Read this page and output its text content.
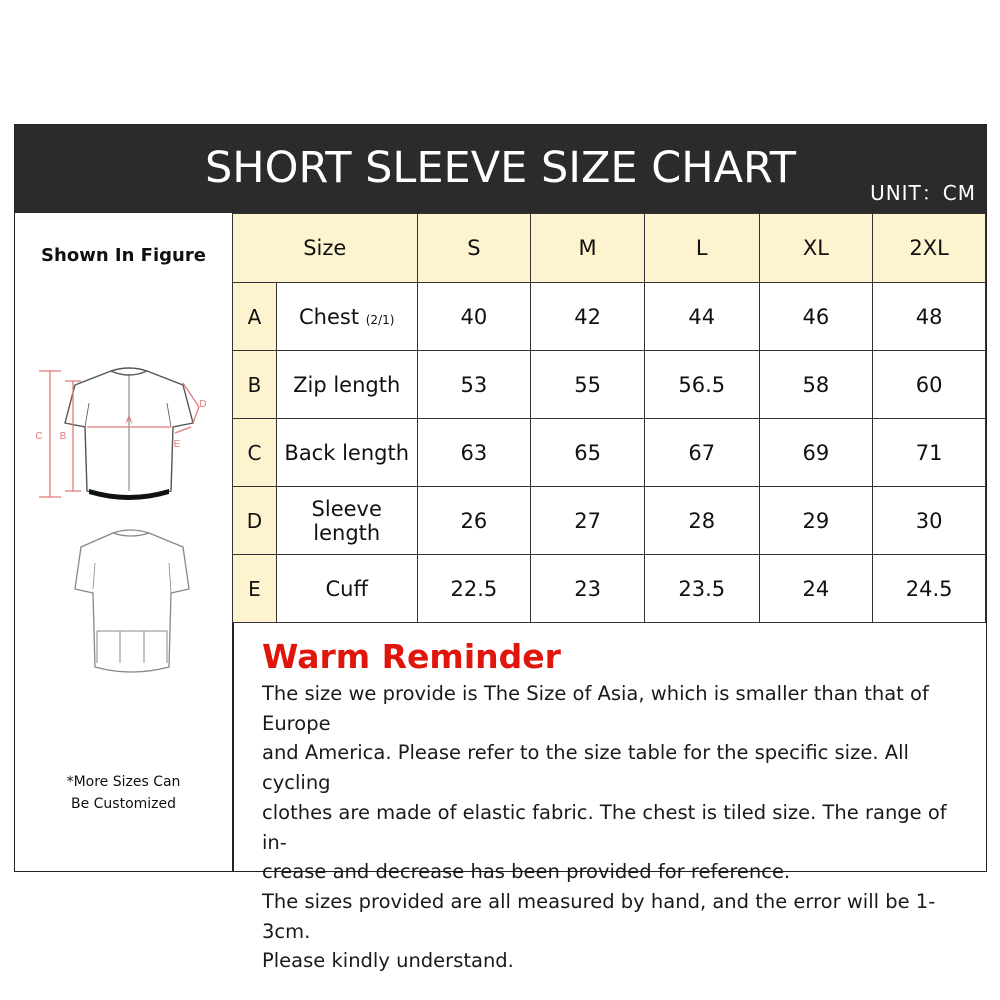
SHORT SLEEVE SIZE CHART	UNIT：CM
Shown In Figure
C B
A
D
E
*More Sizes Can
Be Customized
Size		S	M	L	XL	2XL
A	Chest (2/1)	40	42	44	46	48
B	Zip length	53	55	56.5	58	60
C	Back length	63	65	67	69	71
D	Sleeve length	26	27	28	29	30
E	Cuff	22.5	23	23.5	24	24.5
Warm Reminder

The size we provide is The Size of Asia, which is smaller than that of Europe

and America. Please refer to the size table for the specific size. All cycling

clothes are made of elastic fabric. The chest is tiled size. The range of in-

crease and decrease has been provided for reference.

The sizes provided are all measured by hand, and the error will be 1-3cm.

Please kindly understand.
